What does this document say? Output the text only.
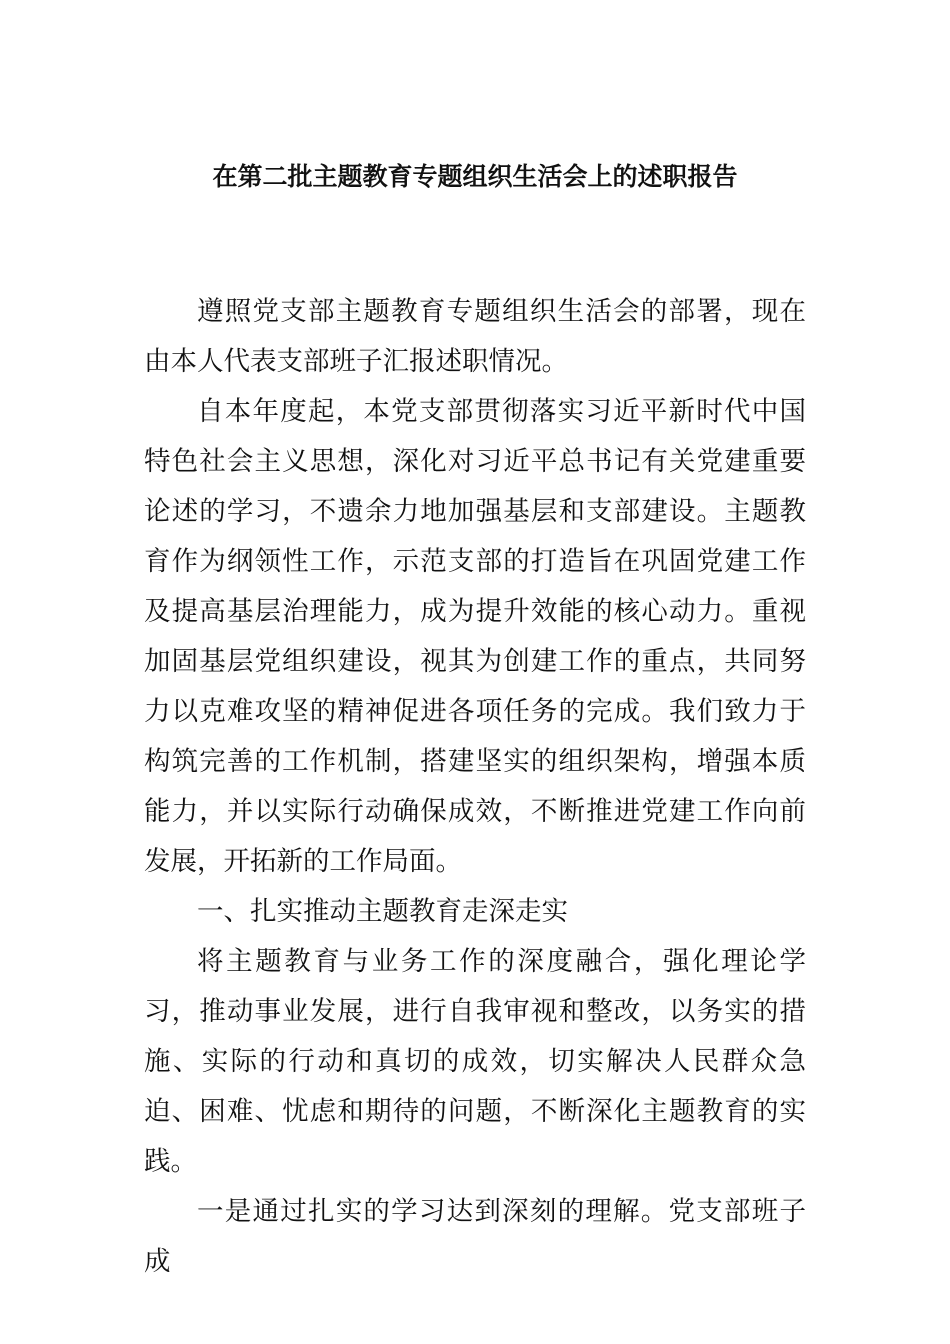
在第二批主题教育专题组织生活会上的述职报告

遵照党支部主题教育专题组织生活会的部署，现在由本人代表支部班子汇报述职情况。

自本年度起，本党支部贯彻落实习近平新时代中国特色社会主义思想，深化对习近平总书记有关党建重要论述的学习，不遗余力地加强基层和支部建设。主题教育作为纲领性工作，示范支部的打造旨在巩固党建工作及提高基层治理能力，成为提升效能的核心动力。重视加固基层党组织建设，视其为创建工作的重点，共同努力以克难攻坚的精神促进各项任务的完成。我们致力于构筑完善的工作机制，搭建坚实的组织架构，增强本质能力，并以实际行动确保成效，不断推进党建工作向前发展，开拓新的工作局面。

一、扎实推动主题教育走深走实

将主题教育与业务工作的深度融合，强化理论学习，推动事业发展，进行自我审视和整改，以务实的措施、实际的行动和真切的成效，切实解决人民群众急迫、困难、忧虑和期待的问题，不断深化主题教育的实践。

一是通过扎实的学习达到深刻的理解。党支部班子成
